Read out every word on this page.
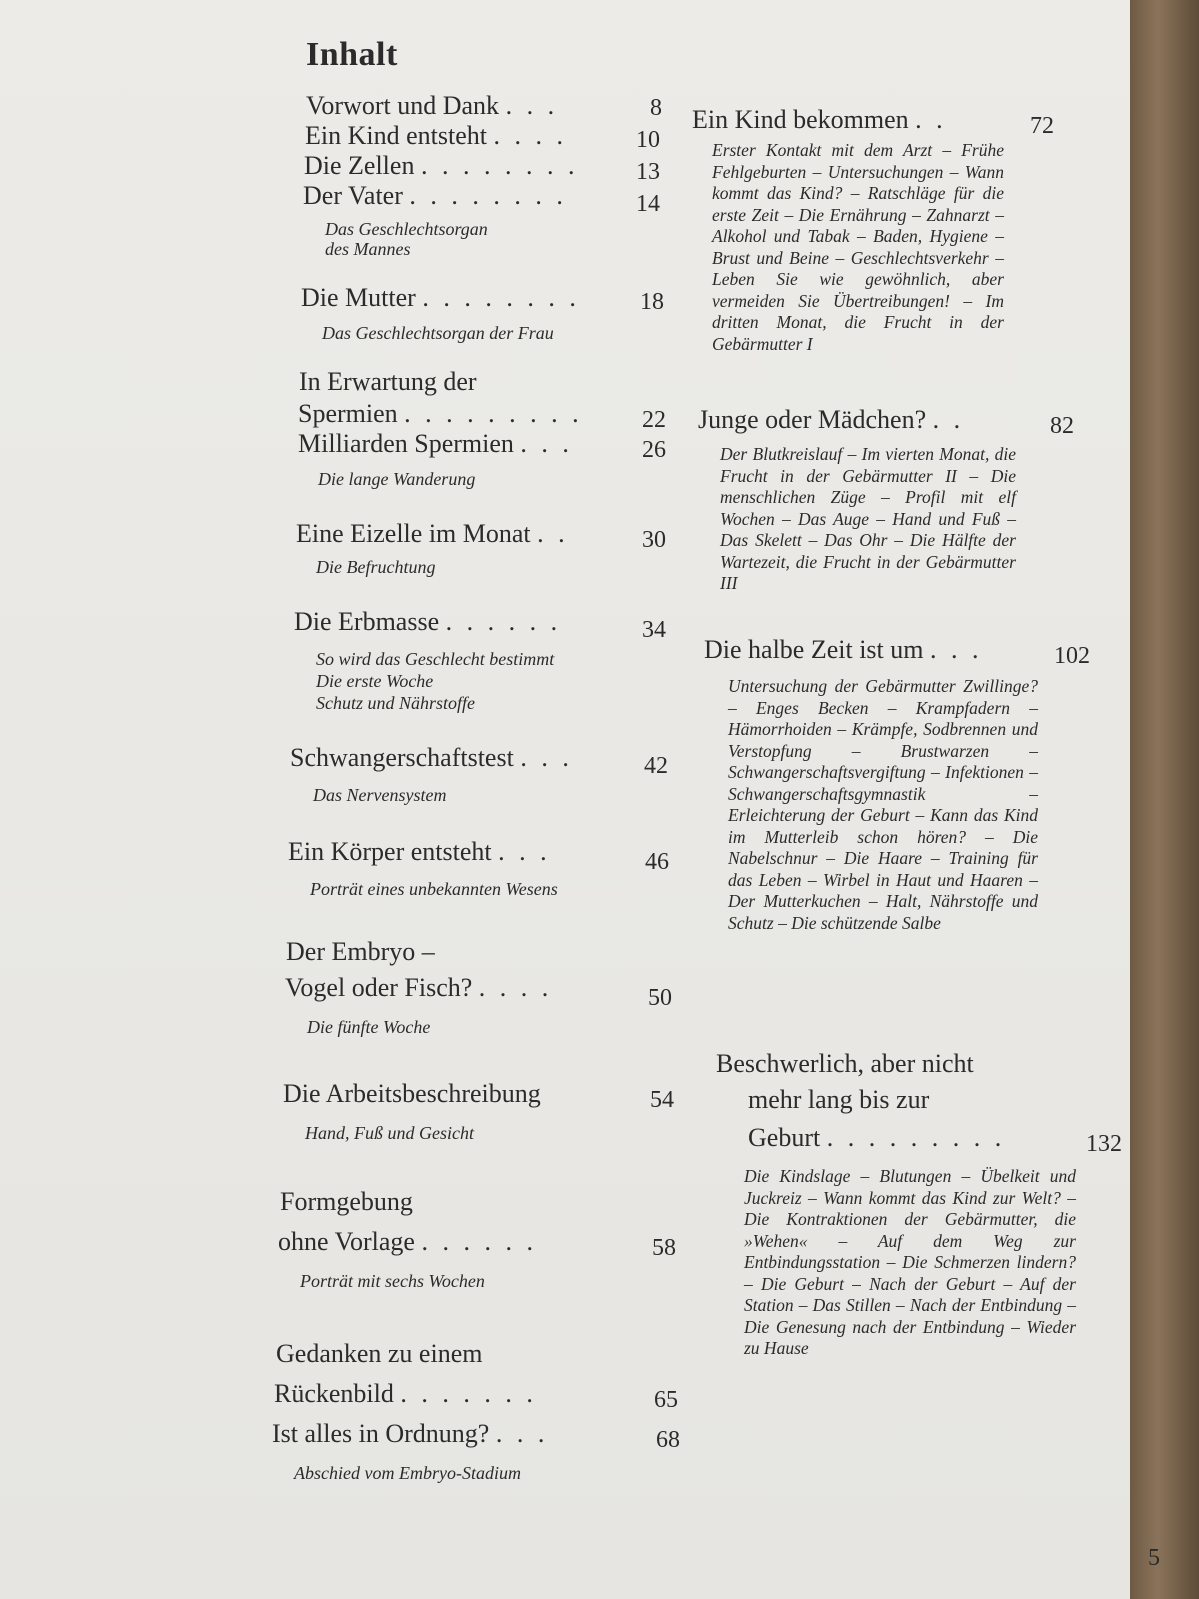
Inhalt
Vorwort und Dank . . .	8
Ein Kind entsteht . . . .	10
Die Zellen . . . . . . . . 13
Der Vater . . . . . . . .	14
Das Geschlechtsorgan
des Mannes
Die Mutter . . . . . . . .	18
Das Geschlechtsorgan der Frau
In Erwartung der
Spermien . . . . . . . . . 22
Milliarden Spermien . . .	26
Die lange Wanderung
Eine Eizelle im Monat . .	30
Die Befruchtung
Die Erbmasse . . . . . .	34
So wird das Geschlecht bestimmt
Die erste Woche
Schutz und Nährstoffe
Schwangerschaftstest . . .	42
Das Nervensystem
Ein Körper entsteht . . .	46
Porträt eines unbekannten Wesens
Der Embryo –
Vogel oder Fisch? . . . .	50
Die fünfte Woche
Die Arbeitsbeschreibung	54
Hand, Fuß und Gesicht
Formgebung
ohne Vorlage . . . . . .	58
Porträt mit sechs Wochen
Gedanken zu einem
Rückenbild . . . . . . .	65
Ist alles in Ordnung? . . .	68
Abschied vom Embryo-Stadium
Ein Kind bekommen . .	72
Erster Kontakt mit dem Arzt – Frühe Fehlgeburten – Untersuchungen – Wann kommt das Kind? – Ratschläge für die erste Zeit – Die Ernährung – Zahnarzt – Alkohol und Tabak – Baden, Hygiene – Brust und Beine – Geschlechtsverkehr – Leben Sie wie gewöhnlich, aber vermeiden Sie Übertreibungen! – Im dritten Monat, die Frucht in der Gebärmutter I
Junge oder Mädchen? . .	82
Der Blutkreislauf – Im vierten Monat, die Frucht in der Gebärmutter II – Die menschlichen Züge – Profil mit elf Wochen – Das Auge – Hand und Fuß – Das Skelett – Das Ohr – Die Hälfte der Wartezeit, die Frucht in der Gebärmutter III
Die halbe Zeit ist um . . .	102
Untersuchung der Gebärmutter Zwillinge? – Enges Becken – Krampfadern – Hämorrhoiden – Krämpfe, Sodbrennen und Verstopfung – Brustwarzen – Schwangerschaftsvergiftung – Infektionen – Schwangerschaftsgymnastik – Erleichterung der Geburt – Kann das Kind im Mutterleib schon hören? – Die Nabelschnur – Die Haare – Training für das Leben – Wirbel in Haut und Haaren – Der Mutterkuchen – Halt, Nährstoffe und Schutz – Die schützende Salbe
Beschwerlich, aber nicht
mehr lang bis zur
Geburt . . . . . . . . .	132
Die Kindslage – Blutungen – Übelkeit und Juckreiz – Wann kommt das Kind zur Welt? – Die Kontraktionen der Gebärmutter, die »Wehen« – Auf dem Weg zur Entbindungsstation – Die Schmerzen lindern? – Die Geburt – Nach der Geburt – Auf der Station – Das Stillen – Nach der Entbindung – Die Genesung nach der Entbindung – Wieder zu Hause
5
